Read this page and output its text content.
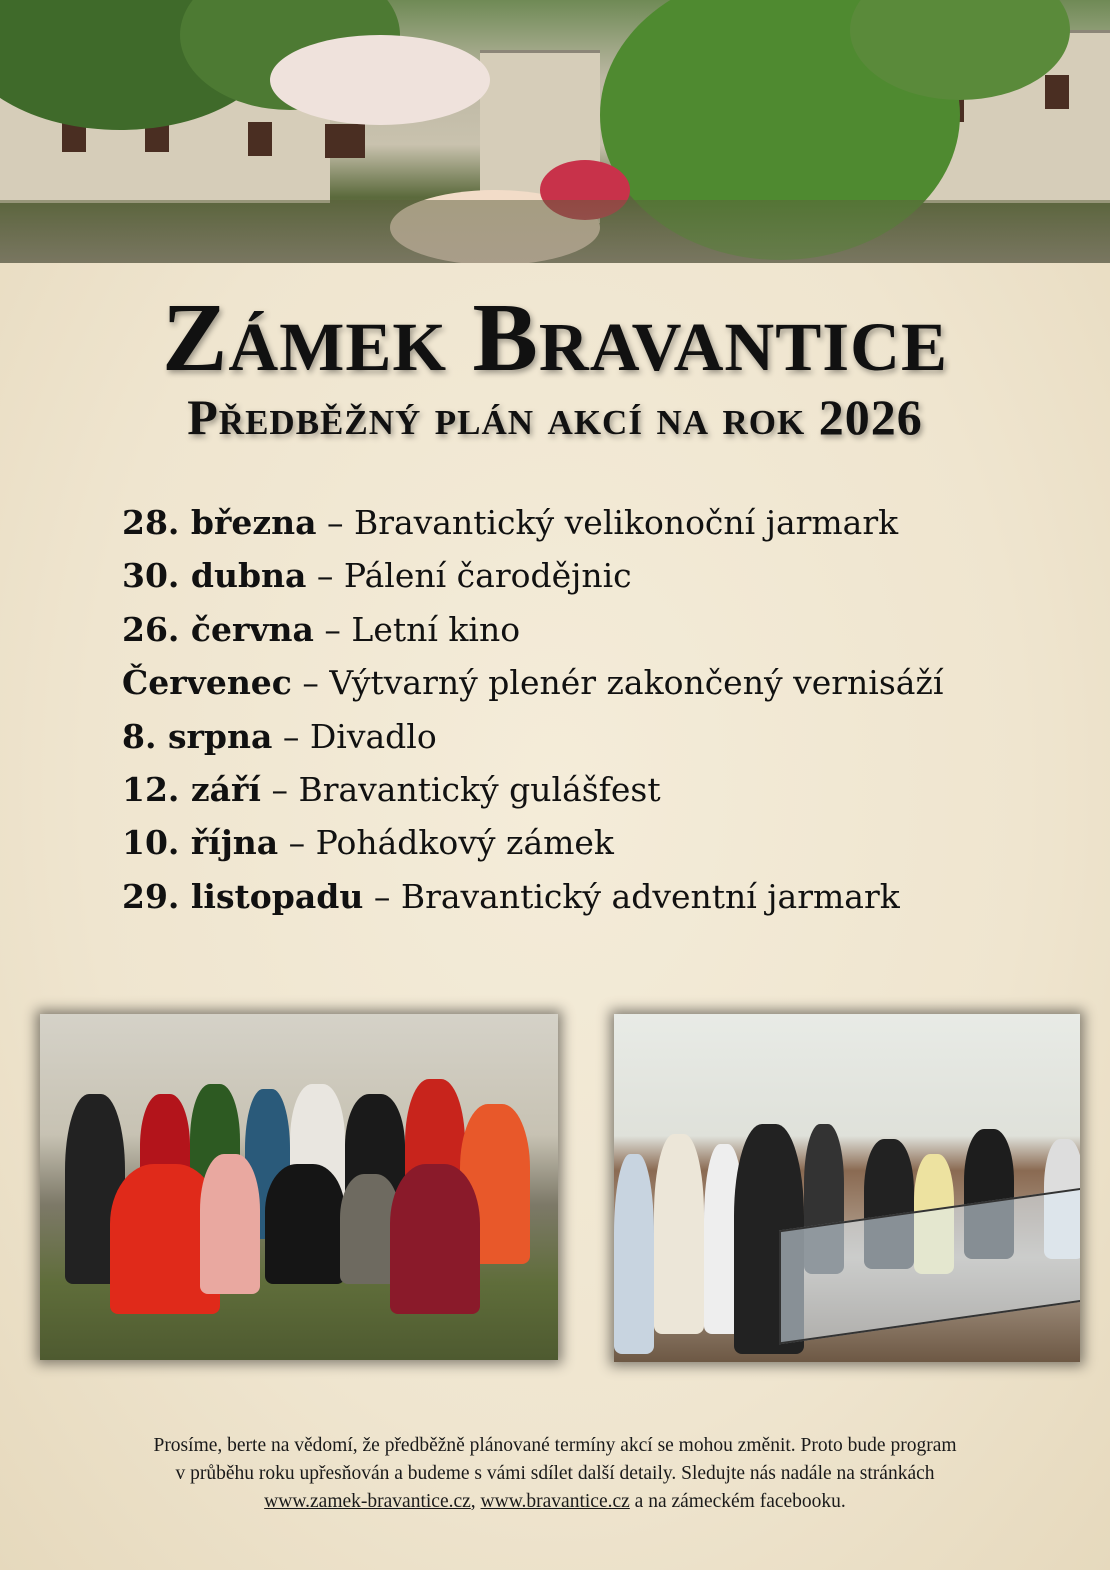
Zámek Bravantice
Předběžný plán akcí na rok 2026
28. března – Bravantický velikonoční jarmark
30. dubna – Pálení čarodějnic
26. června – Letní kino
Červenec – Výtvarný plenér zakončený vernisáží
8. srpna – Divadlo
12. září – Bravantický gulášfest
10. října – Pohádkový zámek
29. listopadu – Bravantický adventní jarmark
Prosíme, berte na vědomí, že předběžně plánované termíny akcí se mohou změnit. Proto bude program
v průběhu roku upřesňován a budeme s vámi sdílet další detaily. Sledujte nás nadále na stránkách
www.zamek-bravantice.cz, www.bravantice.cz a na zámeckém facebooku.
